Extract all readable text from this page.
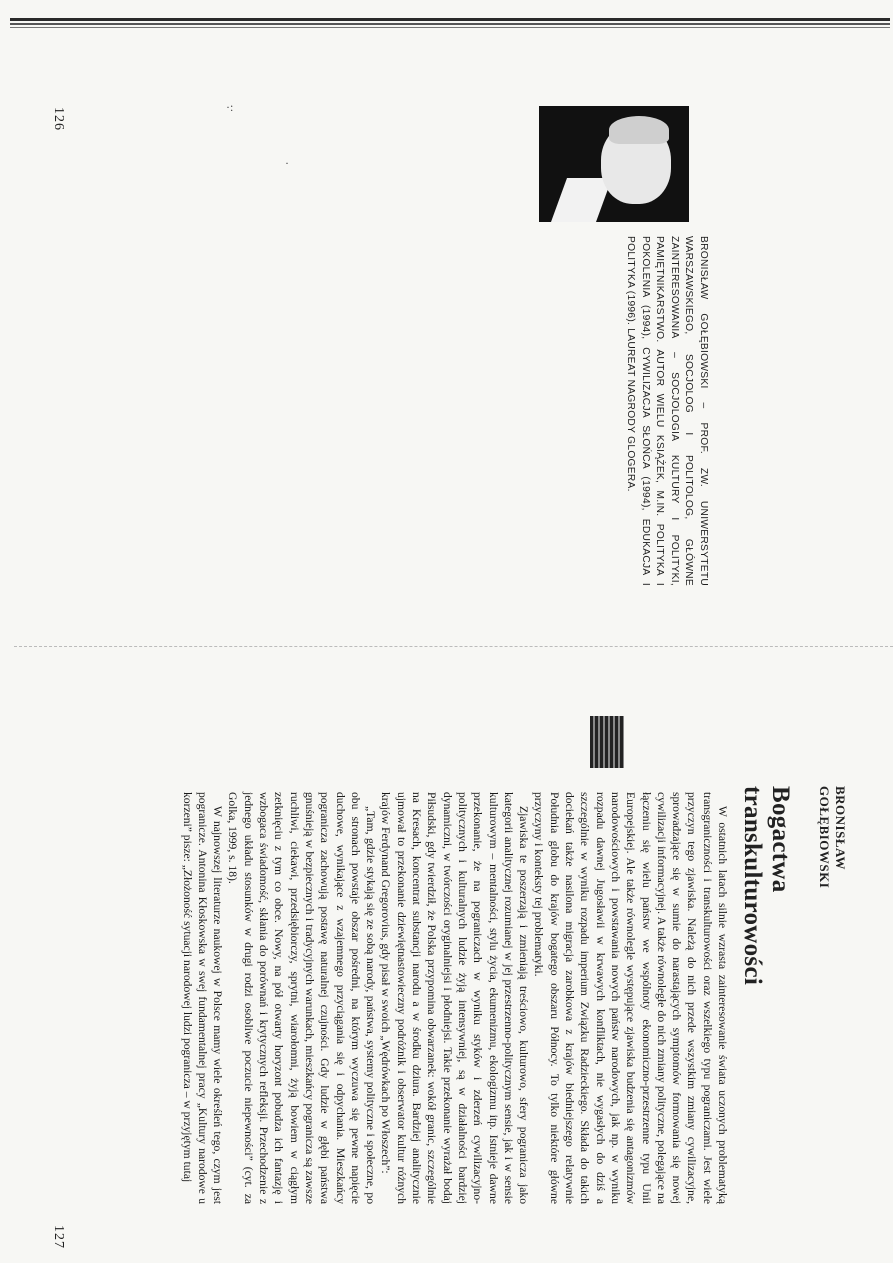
126
BRONISŁAW GOŁĘBIOWSKI – PROF. ZW. UNIWERSYTETU WARSZAWSKIEGO, SOCJOLOG I POLITOLOG, GŁÓWNE ZAINTERESOWANIA – SOCJOLOGIA KULTURY I POLITYKI, PAMIĘTNIKARSTWO. AUTOR WIELU KSIĄŻEK, M.IN. POLITYKA I POKOLENIA (1994), CYWILIZACJA SŁOŃCA (1994), EDUKACJA I POLITYKA (1996). LAUREAT NAGRODY GLOGERA.
·:
·
BRONISŁAW GOŁĘBIOWSKI
Bogactwa transkulturowości

W ostatnich latach silnie wzrasta zainteresowanie świata uczonych problematyką transgraniczności i transkulturowości oraz wszelkiego typu pograniczami. Jest wiele przyczyn tego zjawiska. Należą do nich przede wszystkim zmiany cywilizacyjne, sprowadzające się w sumie do narastających symptomów formowania się nowej cywilizacji informacyjnej. A także równoległe do nich zmiany polityczne, polegające na łączeniu się wielu państw we wspólnoty ekonomiczno-przestrzenne typu Unii Europejskiej. Ale także równolegle występujące zjawiska budzenia się antagonizmów narodowościowych i powstawania nowych państw narodowych, jak np. w wyniku rozpadu dawnej Jugosławii w krwawych konfliktach, nie wygasłych do dziś a szczególnie w wyniku rozpadu imperium Związku Radzieckiego. Składa do takich dociekań także nasilona migracja zarobkowa z krajów biedniejszego relatywnie Południa globu do krajów bogatego obszaru Północy. To tylko niektóre główne przyczyny i konteksty tej problematyki.

Zjawiska te poszerzają i zmieniają treściowo, kulturowo, sfery pogranicza jako kategorii analitycznej rozumianej w jej przestrzenno-politycznym sensie, jak i w sensie kulturowym – mentalności, stylu życia, ekumenizmu, ekologizmu itp. Istnieje dawne przekonanie, że na pograniczach w wyniku styków i zderzeń cywilizacyjno-politycznych i kulturalnych ludzie żyją intensywniej, są w działalności bardziej dynamiczni, w twórczości oryginalniejsi i płodniejsi. Takie przekonanie wyrażał bodaj Piłsudski, gdy twierdził, że Polska przypomina obwarzanek: wokół granic, szczególnie na Kresach, koncentrat substancji narodu a w środku dziura. Bardziej analitycznie ujmował to przekonanie dziewiętnastowieczny podróżnik i obserwator kultur różnych krajów Ferdynand Gregorovius, gdy pisał w swoich „Wędrówkach po Włoszech”:

„Tam, gdzie stykają się ze sobą narody, państwa, systemy polityczne i społeczne, po obu stronach powstaje obszar pośredni, na którym wyczuwa się pewne napięcie duchowe, wynikające z wzajemnego przyciągania się i odpychania. Mieszkańcy pogranicza zachowują postawę naturalnej czujności. Gdy ludzie w głębi państwa gnuśnieją w bezpiecznych i tradycyjnych warunkach, mieszkańcy pogranicza są zawsze ruchliwi, ciekawi, przedsiębiorczy, sprytni, wiarołomni, żyją bowiem w ciągłym zetknięciu z tym co obce. Nowy, na pół otwarty horyzont pobudza ich fantazję i wzbogaca świadomość, skłania do porównań i krytycznych refleksji. Przechodzenie z jednego układu stosunków w drugi rodzi osobliwe poczucie niepewności” (cyt. za Golka, 1999, s. 18).

W najnowszej literaturze naukowej w Polsce mamy wiele określeń tego, czym jest pogranicze. Antonina Kłoskowska w swej fundamentalnej pracy „Kultury narodowe u korzeni” pisze: „Złożoność sytuacji narodowej ludzi pogranicza – w przyjętym tutaj

127
